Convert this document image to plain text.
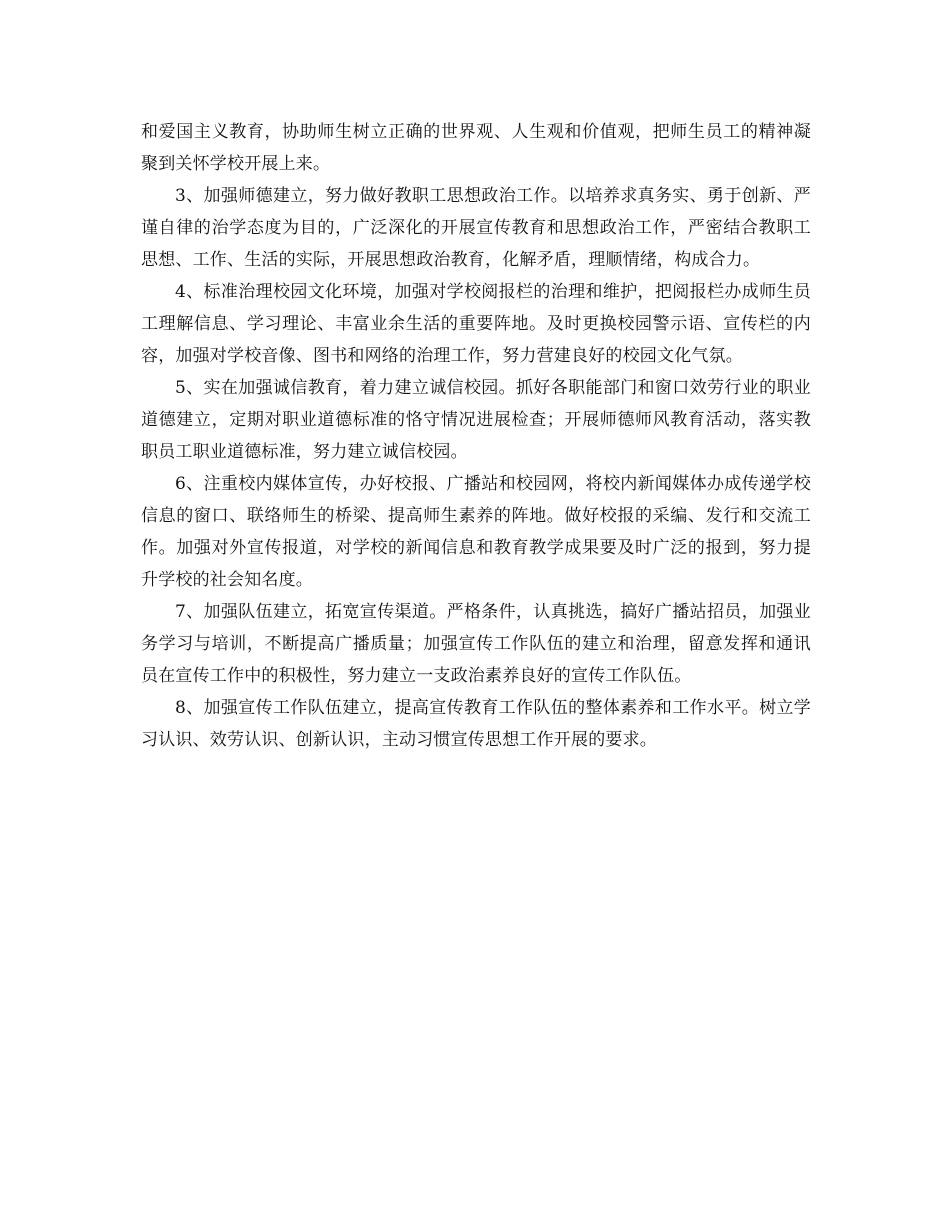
和爱国主义教育，协助师生树立正确的世界观、人生观和价值观，把师生员工的精神凝聚到关怀学校开展上来。

3、加强师德建立，努力做好教职工思想政治工作。以培养求真务实、勇于创新、严谨自律的治学态度为目的，广泛深化的开展宣传教育和思想政治工作，严密结合教职工思想、工作、生活的实际，开展思想政治教育，化解矛盾，理顺情绪，构成合力。

4、标准治理校园文化环境，加强对学校阅报栏的治理和维护，把阅报栏办成师生员工理解信息、学习理论、丰富业余生活的重要阵地。及时更换校园警示语、宣传栏的内容，加强对学校音像、图书和网络的治理工作，努力营建良好的校园文化气氛。

5、实在加强诚信教育，着力建立诚信校园。抓好各职能部门和窗口效劳行业的职业道德建立，定期对职业道德标准的恪守情况进展检查；开展师德师风教育活动，落实教职员工职业道德标准，努力建立诚信校园。

6、注重校内媒体宣传，办好校报、广播站和校园网，将校内新闻媒体办成传递学校信息的窗口、联络师生的桥梁、提高师生素养的阵地。做好校报的采编、发行和交流工作。加强对外宣传报道，对学校的新闻信息和教育教学成果要及时广泛的报到，努力提升学校的社会知名度。

7、加强队伍建立，拓宽宣传渠道。严格条件，认真挑选，搞好广播站招员，加强业务学习与培训，不断提高广播质量；加强宣传工作队伍的建立和治理，留意发挥和通讯员在宣传工作中的积极性，努力建立一支政治素养良好的宣传工作队伍。

8、加强宣传工作队伍建立，提高宣传教育工作队伍的整体素养和工作水平。树立学习认识、效劳认识、创新认识，主动习惯宣传思想工作开展的要求。
